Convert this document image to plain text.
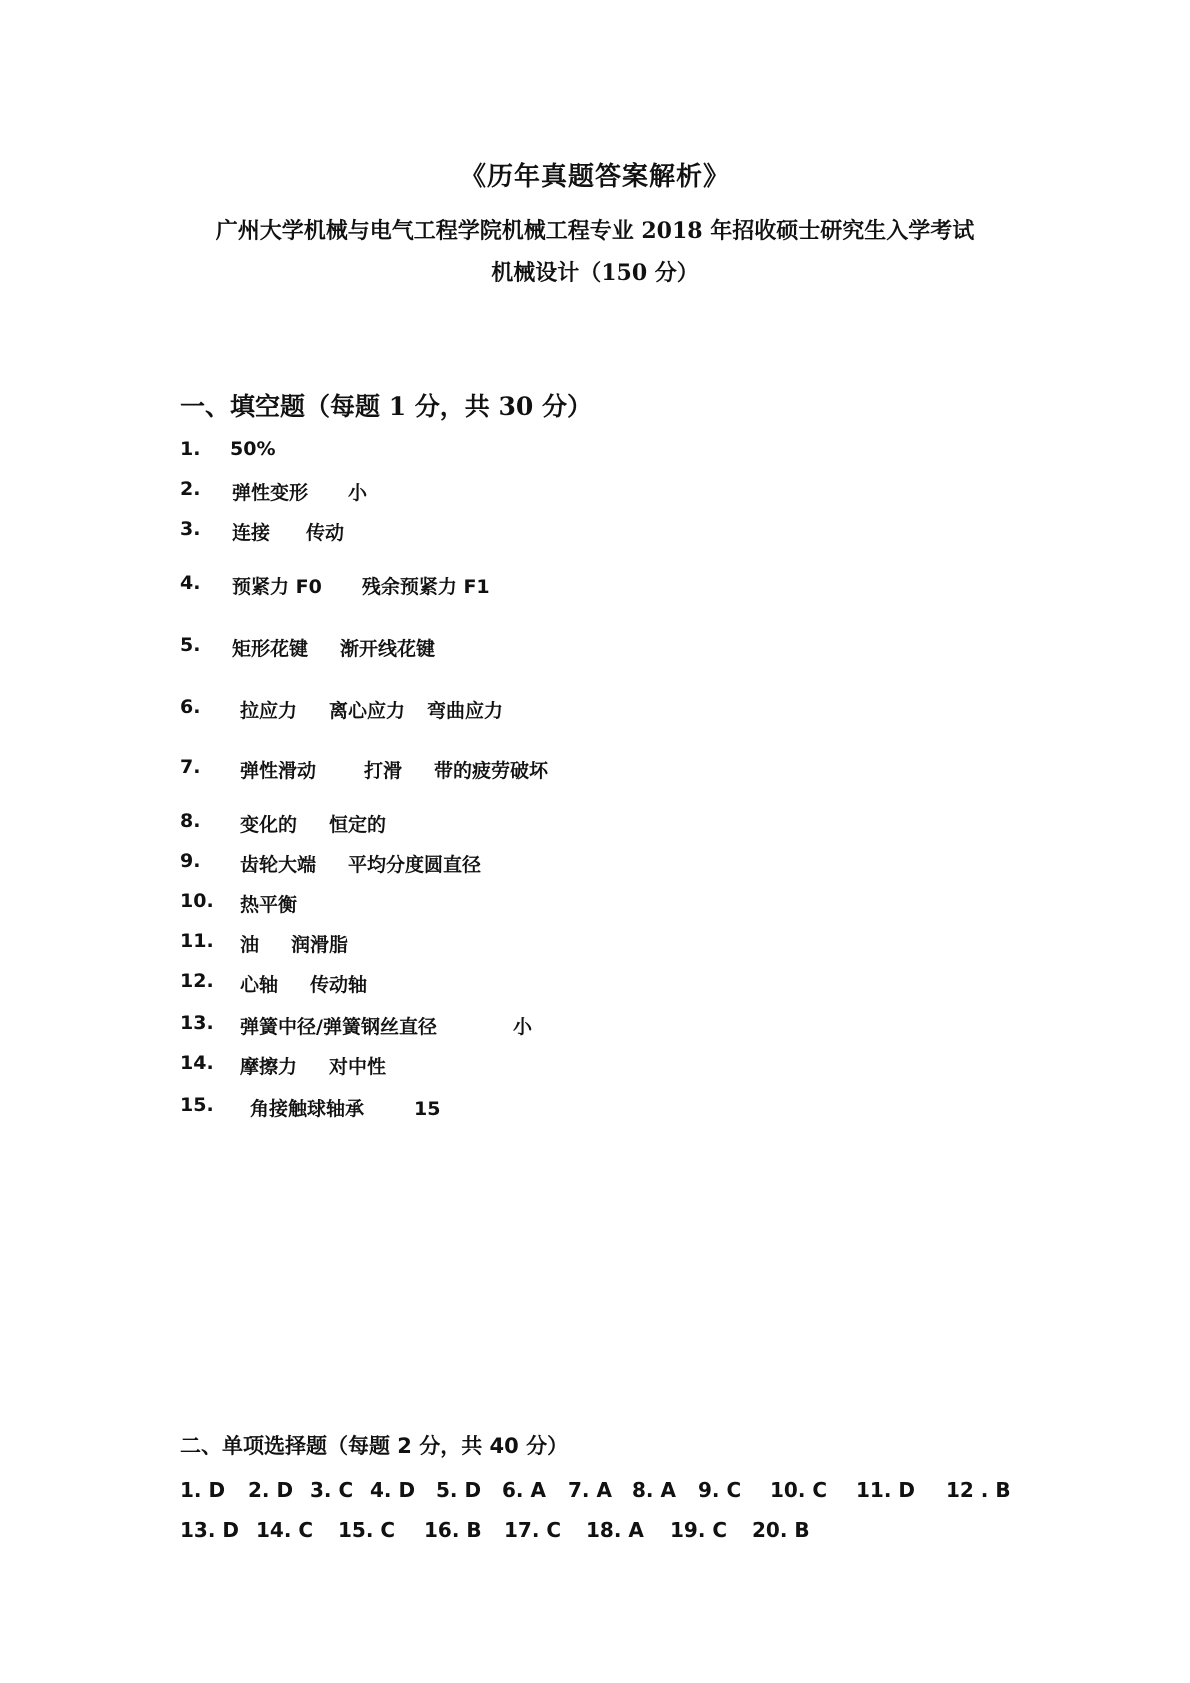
《历年真题答案解析》
广州大学机械与电气工程学院机械工程专业 2018 年招收硕士研究生入学考试
机械设计（150 分）
一、填空题（每题 1 分，共 30 分）
1. 50%
2. 弹性变形 小
3. 连接 传动
4. 预紧力 F0 残余预紧力 F1
5. 矩形花键 渐开线花键
6. 拉应力 离心应力 弯曲应力
7. 弹性滑动	打滑 带的疲劳破坏
8. 变化的 恒定的
9. 齿轮大端 平均分度圆直径
10. 热平衡
11. 油 润滑脂
12. 心轴 传动轴
13. 弹簧中径/弹簧钢丝直径	小
14. 摩擦力 对中性
15. 角接触球轴承	15
二、单项选择题（每题 2 分，共 40 分）
1. D 2. D 3. C 4. D 5. D 6. A 7. A 8. A 9. C 10. C 11. D 12 . B
13. D 14. C 15. C 16. B 17. C 18. A 19. C 20. B
